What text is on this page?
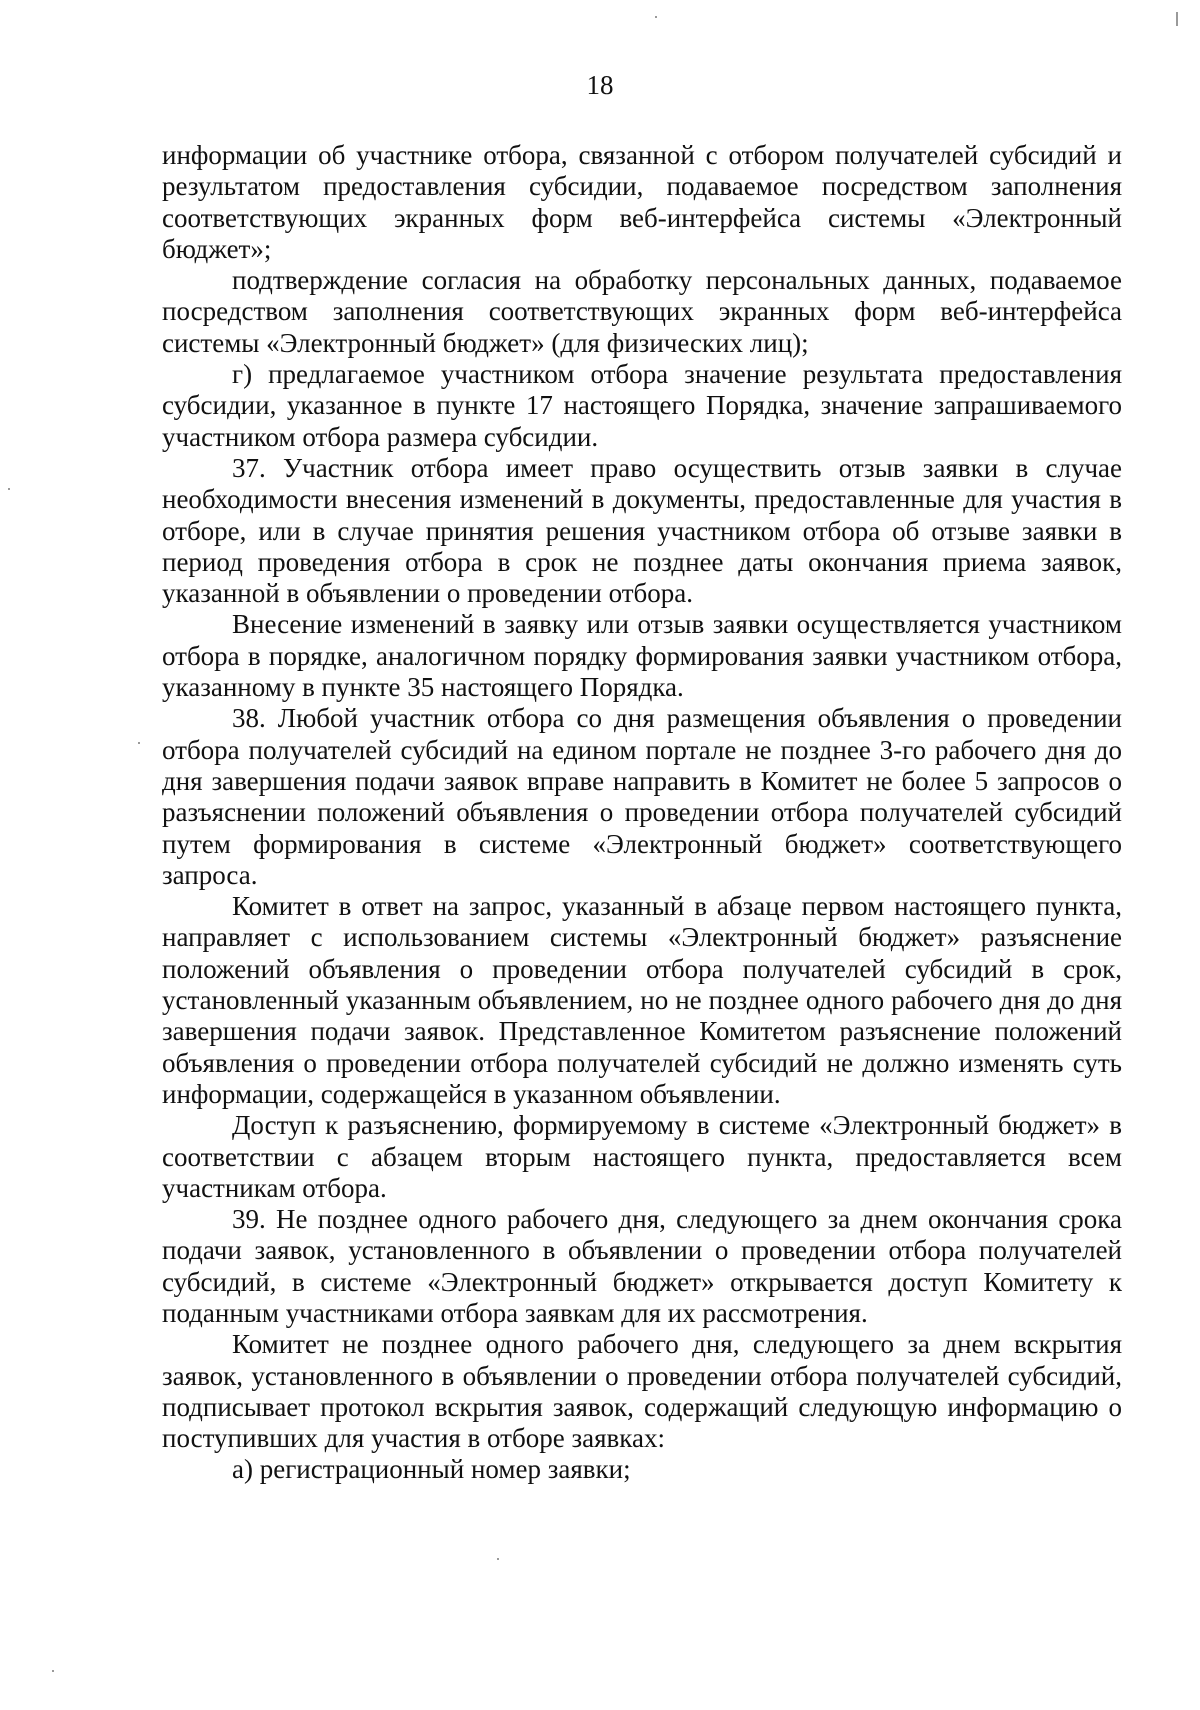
18

информации об участнике отбора, связанной с отбором получателей субсидий и результатом предоставления субсидии, подаваемое посредством заполнения соответствующих экранных форм веб-интерфейса системы «Электронный бюджет»;

подтверждение согласия на обработку персональных данных, подаваемое посредством заполнения соответствующих экранных форм веб-интерфейса системы «Электронный бюджет» (для физических лиц);

г) предлагаемое участником отбора значение результата предоставления субсидии, указанное в пункте 17 настоящего Порядка, значение запрашиваемого участником отбора размера субсидии.

37. Участник отбора имеет право осуществить отзыв заявки в случае необходимости внесения изменений в документы, предоставленные для участия в отборе, или в случае принятия решения участником отбора об отзыве заявки в период проведения отбора в срок не позднее даты окончания приема заявок, указанной в объявлении о проведении отбора.

Внесение изменений в заявку или отзыв заявки осуществляется участником отбора в порядке, аналогичном порядку формирования заявки участником отбора, указанному в пункте 35 настоящего Порядка.

38. Любой участник отбора со дня размещения объявления о проведении отбора получателей субсидий на едином портале не позднее 3-го рабочего дня до дня завершения подачи заявок вправе направить в Комитет не более 5 запросов о разъяснении положений объявления о проведении отбора получателей субсидий путем формирования в системе «Электронный бюджет» соответствующего запроса.

Комитет в ответ на запрос, указанный в абзаце первом настоящего пункта, направляет с использованием системы «Электронный бюджет» разъяснение положений объявления о проведении отбора получателей субсидий в срок, установленный указанным объявлением, но не позднее одного рабочего дня до дня завершения подачи заявок. Представленное Комитетом разъяснение положений объявления о проведении отбора получателей субсидий не должно изменять суть информации, содержащейся в указанном объявлении.

Доступ к разъяснению, формируемому в системе «Электронный бюджет» в соответствии с абзацем вторым настоящего пункта, предоставляется всем участникам отбора.

39. Не позднее одного рабочего дня, следующего за днем окончания срока подачи заявок, установленного в объявлении о проведении отбора получателей субсидий, в системе «Электронный бюджет» открывается доступ Комитету к поданным участниками отбора заявкам для их рассмотрения.

Комитет не позднее одного рабочего дня, следующего за днем вскрытия заявок, установленного в объявлении о проведении отбора получателей субсидий, подписывает протокол вскрытия заявок, содержащий следующую информацию о поступивших для участия в отборе заявках:

а) регистрационный номер заявки;
